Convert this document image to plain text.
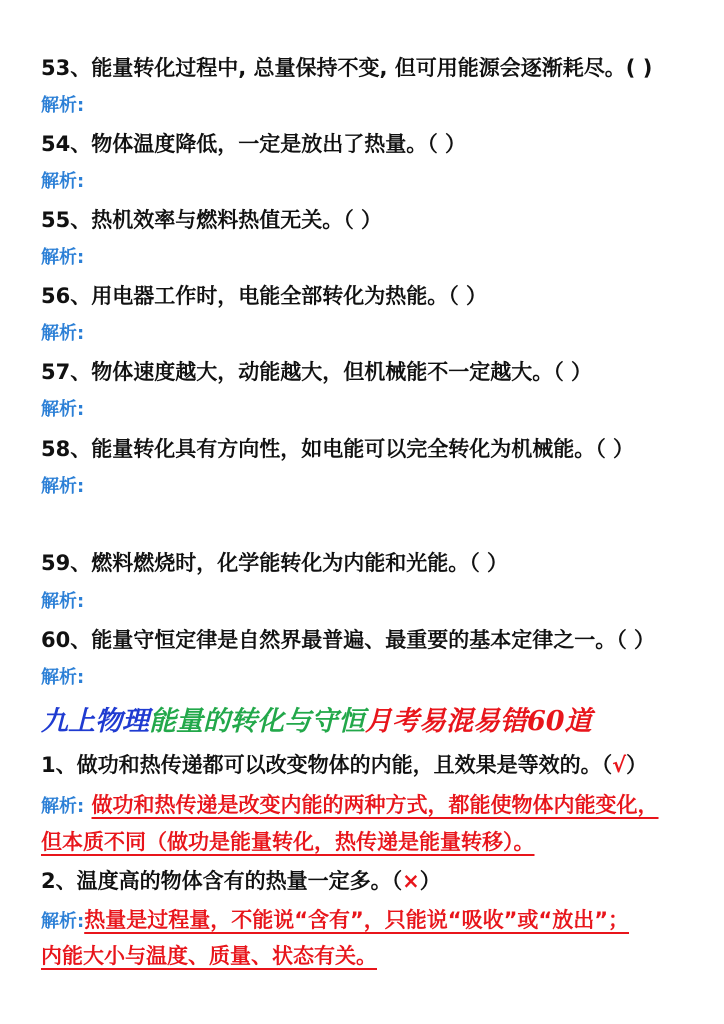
53、能量转化过程中, 总量保持不变, 但可用能源会逐渐耗尽。( )
解析:
54、物体温度降低，一定是放出了热量。（ ）
解析:
55、热机效率与燃料热值无关。（ ）
解析:
56、用电器工作时，电能全部转化为热能。（ ）
解析:
57、物体速度越大，动能越大，但机械能不一定越大。（ ）
解析:
58、能量转化具有方向性，如电能可以完全转化为机械能。（ ）
解析:
59、燃料燃烧时，化学能转化为内能和光能。（ ）
解析:
60、能量守恒定律是自然界最普遍、最重要的基本定律之一。（ ）
解析:
九上物理能量的转化与守恒月考易混易错60道
1、做功和热传递都可以改变物体的内能，且效果是等效的。（√）
解析: 做功和热传递是改变内能的两种方式，都能使物体内能变化，
但本质不同（做功是能量转化，热传递是能量转移）。
2、温度高的物体含有的热量一定多。（×）
解析:热量是过程量，不能说“含有”，只能说“吸收”或“放出”；
内能大小与温度、质量、状态有关。
